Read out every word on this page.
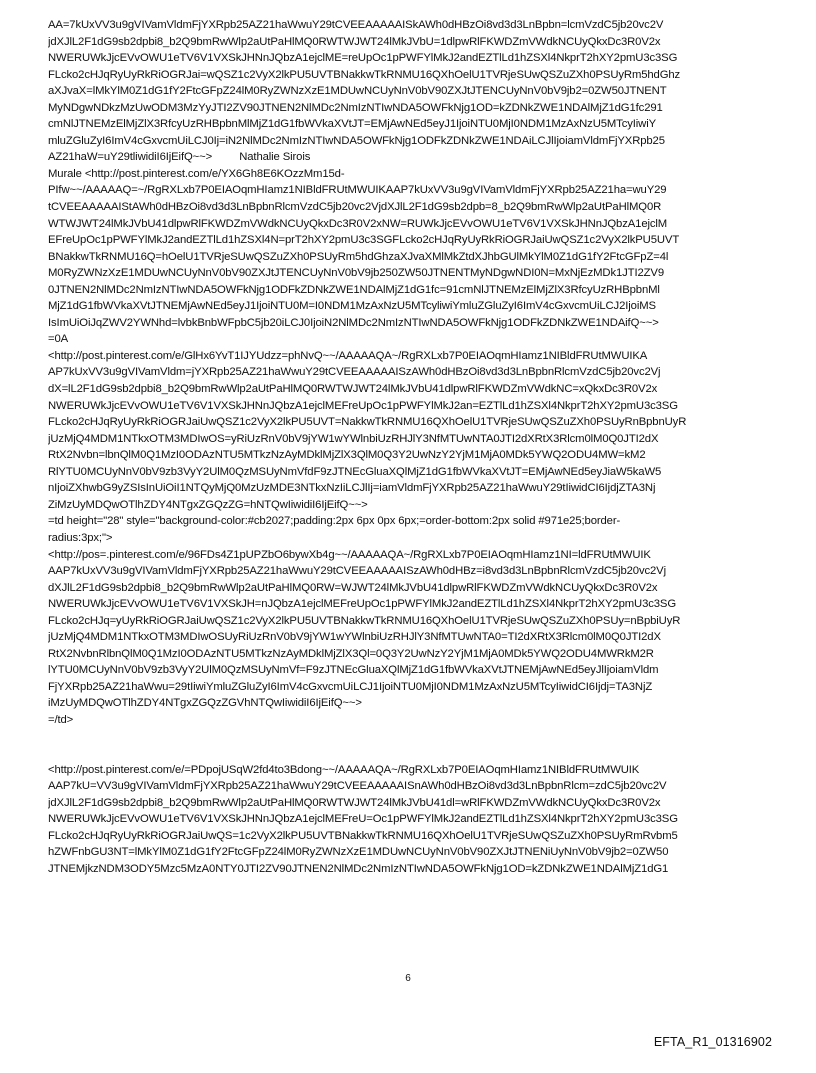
AA=7kUxVV3u9gVIVamVldmFjYXRpb25AZ21haWwuY29tCVEEAAAAAISkAWh0dHBzOi8vd3d3LnBpbn=lcmVzdC5jb20vc2V
jdXJlL2F1dG9sb2dpbi8_b2Q9bmRwWlp2aUtPaHlMQ0RWTWJWT24lMkJVbU=1dlpwRlFKWDZmVWdkNCUyQkxDc3R0V2x
NWERUWkJjcEVvOWU1eTV6V1VXSkJHNnJQbzA1ejclME=reUpOc1pPWFYlMkJ2andEZTlLd1hZSXl4NkprT2hXY2pmU3c3SG
FLcko2cHJqRyUyRkRiOGRJai=wQSZ1c2VyX2lkPU5UVTBNakkwTkRNMU16QXhOelU1TVRjeSUwQSZuZXh0PSUyRm5hdGhz
aXJvaX=lMkYlM0Z1dG1fY2FtcGFpZ24lM0RyZWNzXzE1MDUwNCUyNnV0bV90ZXJtJTENCUyNnV0bV9jb2=0ZW50JTNENT
MyNDgwNDkzMzUwODM3MzYyJTI2ZV90JTNEN2NlMDc2NmIzNTIwNDA5OWFkNjg1OD=kZDNkZWE1NDAlMjZ1dG1fc291
cmNlJTNEMzElMjZlX3RfcyUzRHBpbnMlMjZ1dG1fbWVkaXVtJT=EMjAwNEd5eyJ1IjoiNTU0MjI0NDM1MzAxNzU5MTcyIiwiY
mluZGluZyI6ImV4cGxvcmUiLCJ0Ij=iN2NlMDc2NmIzNTIwNDA5OWFkNjg1ODFkZDNkZWE1NDAiLCJlIjoiamVldmFjYXRpb25
AZ21haW=uY29tliwidiI6IjEifQ~~>         Nathalie Sirois
Murale <http://post.pinterest.com/e/YX6Gh8E6KOzzMm15d-
PIfw~~/AAAAAQ=~/RgRXLxb7P0EIAOqmHIamz1NIBldFRUtMWUIKAAP7kUxVV3u9gVIVamVldmFjYXRpb25AZ21ha=wuY29
tCVEEAAAAAIStAWh0dHBzOi8vd3d3LnBpbnRlcmVzdC5jb20vc2VjdXJlL2F1dG9sb2dpb=8_b2Q9bmRwWlp2aUtPaHlMQ0R
WTWJWT24lMkJVbU41dlpwRlFKWDZmVWdkNCUyQkxDc3R0V2xNW=RUWkJjcEVvOWU1eTV6V1VXSkJHNnJQbzA1ejclM
EFreUpOc1pPWFYlMkJ2andEZTlLd1hZSXl4N=prT2hXY2pmU3c3SGFLcko2cHJqRyUyRkRiOGRJaiUwQSZ1c2VyX2lkPU5UVT
BNakkwTkRNMU16Q=hOelU1TVRjeSUwQSZuZXh0PSUyRm5hdGhzaXJvaXMlMkZtdXJhbGUlMkYlM0Z1dG1fY2FtcGFpZ=4l
M0RyZWNzXzE1MDUwNCUyNnV0bV90ZXJtJTENCUyNnV0bV9jb250ZW50JTNENTMyNDgwNDI0N=MxNjEzMDk1JTI2ZV9
0JTNEN2NlMDc2NmIzNTIwNDA5OWFkNjg1ODFkZDNkZWE1NDAlMjZ1dG1fc=91cmNlJTNEMzElMjZlX3RfcyUzRHBpbnMl
MjZ1dG1fbWVkaXVtJTNEMjAwNEd5eyJ1IjoiNTU0M=I0NDM1MzAxNzU5MTcyliwiYmluZGluZyI6ImV4cGxvcmUiLCJ2IjoiMS
IsImUiOiJqZWV2YWNhd=lvbkBnbWFpbC5jb20iLCJ0IjoiN2NlMDc2NmIzNTIwNDA5OWFkNjg1ODFkZDNkZWE1NDAifQ~~>
=0A
<http://post.pinterest.com/e/GlHx6YvT1IJYUdzz=phNvQ~~/AAAAAQA~/RgRXLxb7P0EIAOqmHIamz1NIBldFRUtMWUIKA
AP7kUxVV3u9gVIVamVldm=jYXRpb25AZ21haWwuY29tCVEEAAAAAISzAWh0dHBzOi8vd3d3LnBpbnRlcmVzdC5jb20vc2Vj
dX=lL2F1dG9sb2dpbi8_b2Q9bmRwWlp2aUtPaHlMQ0RWTWJWT24lMkJVbU41dlpwRlFKWDZmVWdkNC=xQkxDc3R0V2x
NWERUWkJjcEVvOWU1eTV6V1VXSkJHNnJQbzA1ejclMEFreUpOc1pPWFYlMkJ2an=EZTlLd1hZSXl4NkprT2hXY2pmU3c3SG
FLcko2cHJqRyUyRkRiOGRJaiUwQSZ1c2VyX2lkPU5UVT=NakkwTkRNMU16QXhOelU1TVRjeSUwQSZuZXh0PSUyRnBpbnUyR
jUzMjQ4MDM1NTkxOTM3MDIwOS=yRiUzRnV0bV9jYW1wYWlnbiUzRHJlY3NfMTUwNTA0JTI2dXRtX3Rlcm0lM0Q0JTI2dX
RtX2Nvbn=lbnQlM0Q1MzI0ODAzNTU5MTkzNzAyMDklMjZlX3QlM0Q3Y2UwNzY2YjM1MjA0MDk5YWQ2ODU4MW=kM2
RlYTU0MCUyNnV0bV9zb3VyY2UlM0QzMSUyNmVfdF9zJTNEcGluaXQlMjZ1dG1fbWVkaXVtJT=EMjAwNEd5eyJiaW5kaW5
nIjoiZXhwbG9yZSIsInUiOiI1NTQyMjQ0MzUzMDE3NTkxNzIiLCJlIj=iamVldmFjYXRpb25AZ21haWwuY29tIiwidCI6IjdjZTA3Nj
ZiMzUyMDQwOTlhZDY4NTgxZGQzZG=hNTQwIiwidiI6IjEifQ~~>
=td height="28" style="background-color:#cb2027;padding:2px 6px 0px 6px;=order-bottom:2px solid #971e25;border-
radius:3px;">
<http://pos=.pinterest.com/e/96FDs4Z1pUPZbO6bywXb4g~~/AAAAAQA~/RgRXLxb7P0EIAOqmHIamz1NI=ldFRUtMWUIK
AAP7kUxVV3u9gVIVamVldmFjYXRpb25AZ21haWwuY29tCVEEAAAAAISzAWh0dHBz=i8vd3d3LnBpbnRlcmVzdC5jb20vc2Vj
dXJlL2F1dG9sb2dpbi8_b2Q9bmRwWlp2aUtPaHlMQ0RW=WJWT24lMkJVbU41dlpwRlFKWDZmVWdkNCUyQkxDc3R0V2x
NWERUWkJjcEVvOWU1eTV6V1VXSkJH=nJQbzA1ejclMEFreUpOc1pPWFYlMkJ2andEZTlLd1hZSXl4NkprT2hXY2pmU3c3SG
FLcko2cHJq=yUyRkRiOGRJaiUwQSZ1c2VyX2lkPU5UVTBNakkwTkRNMU16QXhOelU1TVRjeSUwQSZuZXh0PSUy=nBpbiUyR
jUzMjQ4MDM1NTkxOTM3MDIwOSUyRiUzRnV0bV9jYW1wYWlnbiUzRHJlY3NfMTUwNTA0=TI2dXRtX3Rlcm0lM0Q0JTI2dX
RtX2NvbnRlbnQlM0Q1MzI0ODAzNTU5MTkzNzAyMDklMjZlX3Ql=0Q3Y2UwNzY2YjM1MjA0MDk5YWQ2ODU4MWRkM2R
lYTU0MCUyNnV0bV9zb3VyY2UlM0QzMSUyNmVf=F9zJTNEcGluaXQlMjZ1dG1fbWVkaXVtJTNEMjAwNEd5eyJlIjoiamVldm
FjYXRpb25AZ21haWwu=29tIiwiYmluZGluZyI6ImV4cGxvcmUiLCJ1IjoiNTU0MjI0NDM1MzAxNzU5MTcyIiwidCI6Ijdj=TA3NjZ
iMzUyMDQwOTlhZDY4NTgxZGQzZGVhNTQwIiwidiI6IjEifQ~~>
=/td>
<http://post.pinterest.com/e/=PDpojUSqW2fd4to3Bdong~~/AAAAAQA~/RgRXLxb7P0EIAOqmHIamz1NIBldFRUtMWUIK
AAP7kU=VV3u9gVIVamVldmFjYXRpb25AZ21haWwuY29tCVEEAAAAAISnAWh0dHBzOi8vd3d3LnBpbnRlcm=zdC5jb20vc2V
jdXJlL2F1dG9sb2dpbi8_b2Q9bmRwWlp2aUtPaHlMQ0RWTWJWT24lMkJVbU41dl=wRlFKWDZmVWdkNCUyQkxDc3R0V2x
NWERUWkJjcEVvOWU1eTV6V1VXSkJHNnJQbzA1ejclMEFreU=Oc1pPWFYlMkJ2andEZTlLd1hZSXl4NkprT2hXY2pmU3c3SG
FLcko2cHJqRyUyRkRiOGRJaiUwQS=1c2VyX2lkPU5UVTBNakkwTkRNMU16QXhOelU1TVRjeSUwQSZuZXh0PSUyRmRvbm5
hZWFnbGU3NT=lMkYlM0Z1dG1fY2FtcGFpZ24lM0RyZWNzXzE1MDUwNCUyNnV0bV90ZXJtJTNENiUyNnV0bV9jb2=0ZW50
JTNEMjkzNDM3ODY5Mzc5MzA0NTY0JTI2ZV90JTNEN2NlMDc2NmIzNTIwNDA5OWFkNjg1OD=kZDNkZWE1NDAlMjZ1dG1
6
EFTA_R1_01316902
